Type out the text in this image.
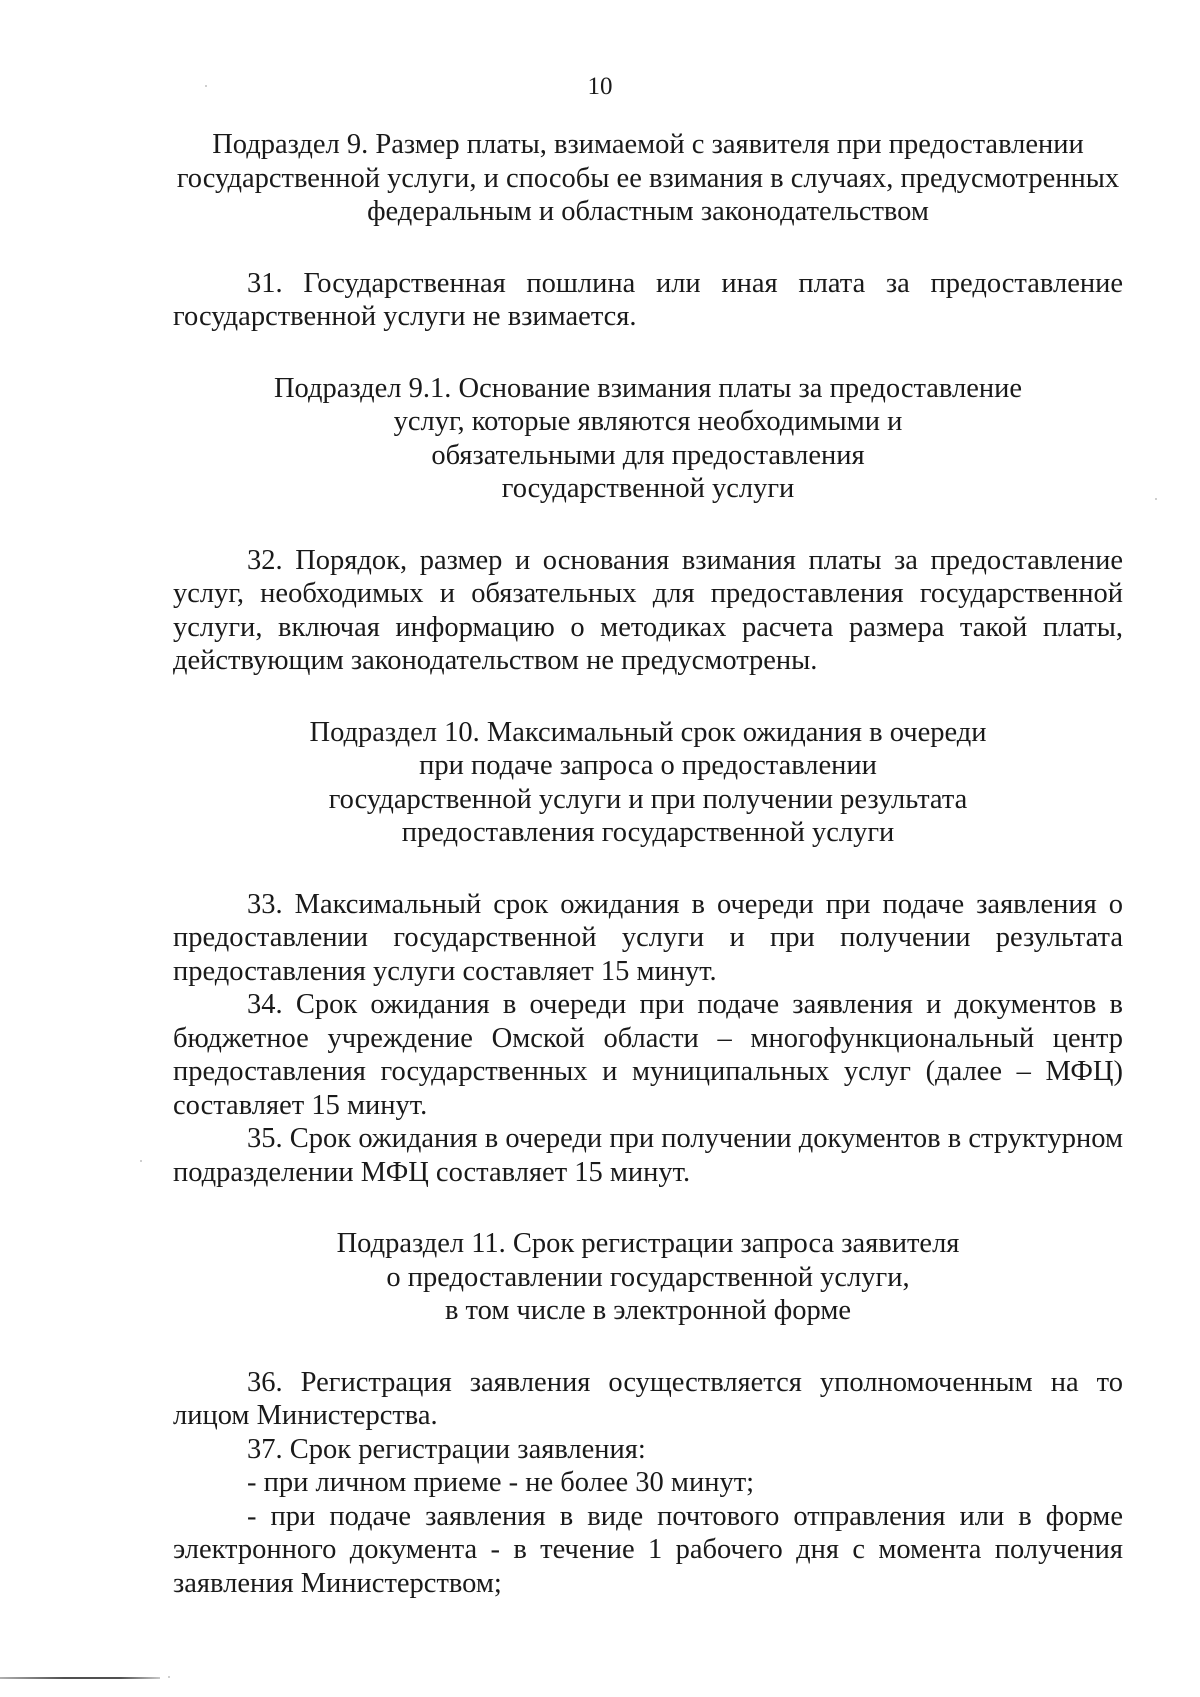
10
Подраздел 9. Размер платы, взимаемой с заявителя при предоставлении
государственной услуги, и способы ее взимания в случаях, предусмотренных
федеральным и областным законодательством

31. Государственная пошлина или иная плата за предоставление государственной услуги не взимается.

Подраздел 9.1. Основание взимания платы за предоставление
услуг, которые являются необходимыми и
обязательными для предоставления
государственной услуги

32. Порядок, размер и основания взимания платы за предоставление услуг, необходимых и обязательных для предоставления государственной услуги, включая информацию о методиках расчета размера такой платы, действующим законодательством не предусмотрены.

Подраздел 10. Максимальный срок ожидания в очереди
при подаче запроса о предоставлении
государственной услуги и при получении результата
предоставления государственной услуги

33. Максимальный срок ожидания в очереди при подаче заявления о предоставлении государственной услуги и при получении результата предоставления услуги составляет 15 минут.

34. Срок ожидания в очереди при подаче заявления и документов в бюджетное учреждение Омской области – многофункциональный центр предоставления государственных и муниципальных услуг (далее – МФЦ) составляет 15 минут.

35. Срок ожидания в очереди при получении документов в структурном подразделении МФЦ составляет 15 минут.

Подраздел 11. Срок регистрации запроса заявителя
о предоставлении государственной услуги,
в том числе в электронной форме

36. Регистрация заявления осуществляется уполномоченным на то лицом Министерства.

37. Срок регистрации заявления:

- при личном приеме - не более 30 минут;

- при подаче заявления в виде почтового отправления или в форме электронного документа - в течение 1 рабочего дня с момента получения заявления Министерством;
